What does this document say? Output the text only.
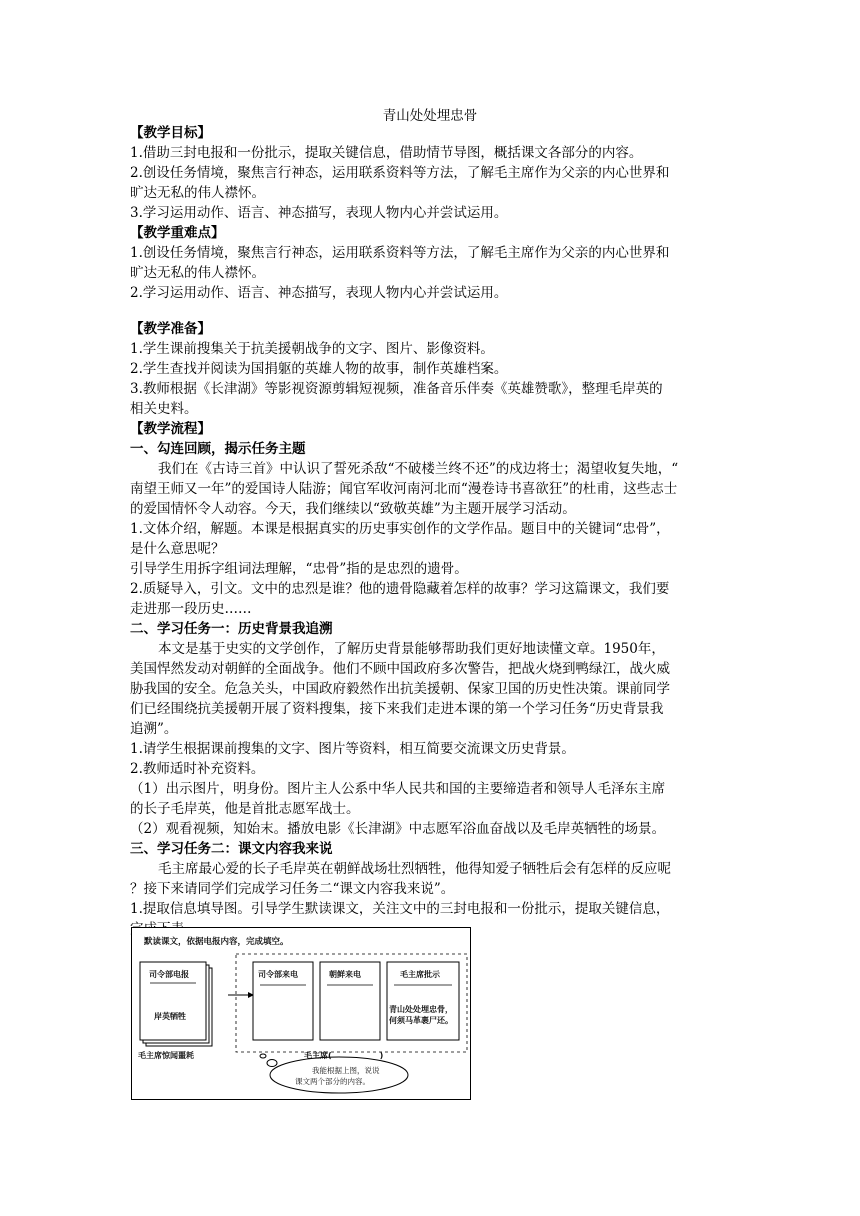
青山处处埋忠骨
【教学目标】
1.借助三封电报和一份批示，提取关键信息，借助情节导图，概括课文各部分的内容。
2.创设任务情境，聚焦言行神态，运用联系资料等方法，了解毛主席作为父亲的内心世界和
旷达无私的伟人襟怀。
3.学习运用动作、语言、神态描写，表现人物内心并尝试运用。
【教学重难点】
1.创设任务情境，聚焦言行神态，运用联系资料等方法，了解毛主席作为父亲的内心世界和
旷达无私的伟人襟怀。
2.学习运用动作、语言、神态描写，表现人物内心并尝试运用。
【教学准备】
1.学生课前搜集关于抗美援朝战争的文字、图片、影像资料。
2.学生查找并阅读为国捐躯的英雄人物的故事，制作英雄档案。
3.教师根据《长津湖》等影视资源剪辑短视频，准备音乐伴奏《英雄赞歌》，整理毛岸英的
相关史料。
【教学流程】
一、勾连回顾，揭示任务主题
我们在《古诗三首》中认识了誓死杀敌“不破楼兰终不还”的戍边将士；渴望收复失地，“
南望王师又一年”的爱国诗人陆游；闻官军收河南河北而“漫卷诗书喜欲狂”的杜甫，这些志士
的爱国情怀令人动容。今天，我们继续以“致敬英雄”为主题开展学习活动。
1.文体介绍，解题。本课是根据真实的历史事实创作的文学作品。题目中的关键词“忠骨”，
是什么意思呢？
引导学生用拆字组词法理解，“忠骨”指的是忠烈的遗骨。
2.质疑导入，引文。文中的忠烈是谁？他的遗骨隐藏着怎样的故事？学习这篇课文，我们要
走进那一段历史……
二、学习任务一：历史背景我追溯
本文是基于史实的文学创作，了解历史背景能够帮助我们更好地读懂文章。1950年，
美国悍然发动对朝鲜的全面战争。他们不顾中国政府多次警告，把战火烧到鸭绿江，战火威
胁我国的安全。危急关头，中国政府毅然作出抗美援朝、保家卫国的历史性决策。课前同学
们已经围绕抗美援朝开展了资料搜集，接下来我们走进本课的第一个学习任务“历史背景我
追溯”。
1.请学生根据课前搜集的文字、图片等资料，相互简要交流课文历史背景。
2.教师适时补充资料。
（1）出示图片，明身份。图片主人公系中华人民共和国的主要缔造者和领导人毛泽东主席
的长子毛岸英，他是首批志愿军战士。
（2）观看视频，知始末。播放电影《长津湖》中志愿军浴血奋战以及毛岸英牺牲的场景。
三、学习任务二：课文内容我来说
毛主席最心爱的长子毛岸英在朝鲜战场壮烈牺牲，他得知爱子牺牲后会有怎样的反应呢
？接下来请同学们完成学习任务二“课文内容我来说”。
1.提取信息填导图。引导学生默读课文，关注文中的三封电报和一份批示，提取关键信息，
默读课文，依据电报内容，完成填空。
司令部电报
岸英牺牲
司令部来电	朝鲜来电	毛主席批示
青山处处埋忠骨，
何须马革裹尸还。
毛主席惊闻噩耗	毛主席(　　　　　　)
我能根据上图，说说
课文两个部分的内容。
